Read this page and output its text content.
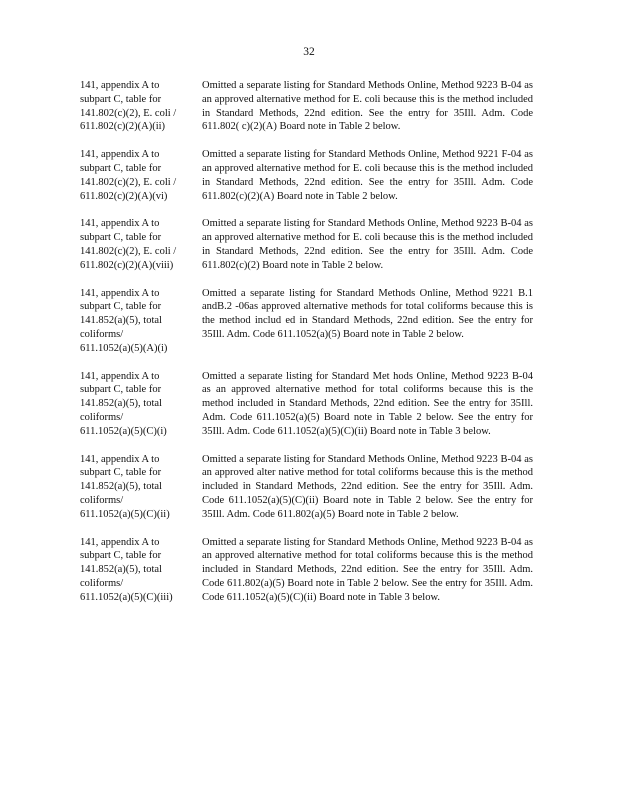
32
141, appendix A to
subpart C, table for
141.802(c)(2), E. coli /
611.802(c)(2)(A)(ii)
Omitted a separate listing for Standard Methods Online, Method 9223 B-04 as an approved alternative method for E. coli because this is the method included in Standard Methods, 22nd edition. See the entry for 35Ill. Adm. Code 611.802( c)(2)(A) Board note in Table 2 below.
141, appendix A to
subpart C, table for
141.802(c)(2), E. coli /
611.802(c)(2)(A)(vi)
Omitted a separate listing for Standard Methods Online, Method 9221 F-04 as an approved alternative method for E. coli because this is the method included in Standard Methods, 22nd edition. See the entry for 35Ill. Adm. Code 611.802(c)(2)(A) Board note in Table 2 below.
141, appendix A to
subpart C, table for
141.802(c)(2), E. coli /
611.802(c)(2)(A)(viii)
Omitted a separate listing for Standard Methods Online, Method 9223 B-04 as an approved alternative method for E. coli because this is the method included in Standard Methods, 22nd edition. See the entry for 35Ill. Adm. Code 611.802(c)(2) Board note in Table 2 below.
141, appendix A to
subpart C, table for
141.852(a)(5), total
coliforms/
611.1052(a)(5)(A)(i)
Omitted a separate listing for Standard Methods Online, Method 9221 B.1 andB.2 -06as approved alternative methods for total coliforms because this is the method includ ed in Standard Methods, 22nd edition. See the entry for 35Ill. Adm. Code 611.1052(a)(5) Board note in Table 2 below.
141, appendix A to
subpart C, table for
141.852(a)(5), total
coliforms/
611.1052(a)(5)(C)(i)
Omitted a separate listing for Standard Met hods Online, Method 9223 B-04 as an approved alternative method for total coliforms because this is the method included in Standard Methods, 22nd edition. See the entry for 35Ill. Adm. Code 611.1052(a)(5) Board note in Table 2 below. See the entry for 35Ill. Adm. Code 611.1052(a)(5)(C)(ii) Board note in Table 3 below.
141, appendix A to
subpart C, table for
141.852(a)(5), total
coliforms/
611.1052(a)(5)(C)(ii)
Omitted a separate listing for Standard Methods Online, Method 9223 B-04 as an approved alter native method for total coliforms because this is the method included in Standard Methods, 22nd edition. See the entry for 35Ill. Adm. Code 611.1052(a)(5)(C)(ii) Board note in Table 2 below. See the entry for 35Ill. Adm. Code 611.802(a)(5) Board note in Table 2 below.
141, appendix A to
subpart C, table for
141.852(a)(5), total
coliforms/
611.1052(a)(5)(C)(iii)
Omitted a separate listing for Standard Methods Online, Method 9223 B-04 as an approved alternative method for total coliforms because this is the method included in Standard Methods, 22nd edition. See the entry for 35Ill. Adm. Code 611.802(a)(5) Board note in Table 2 below. See the entry for 35Ill. Adm. Code 611.1052(a)(5)(C)(ii) Board note in Table 3 below.
